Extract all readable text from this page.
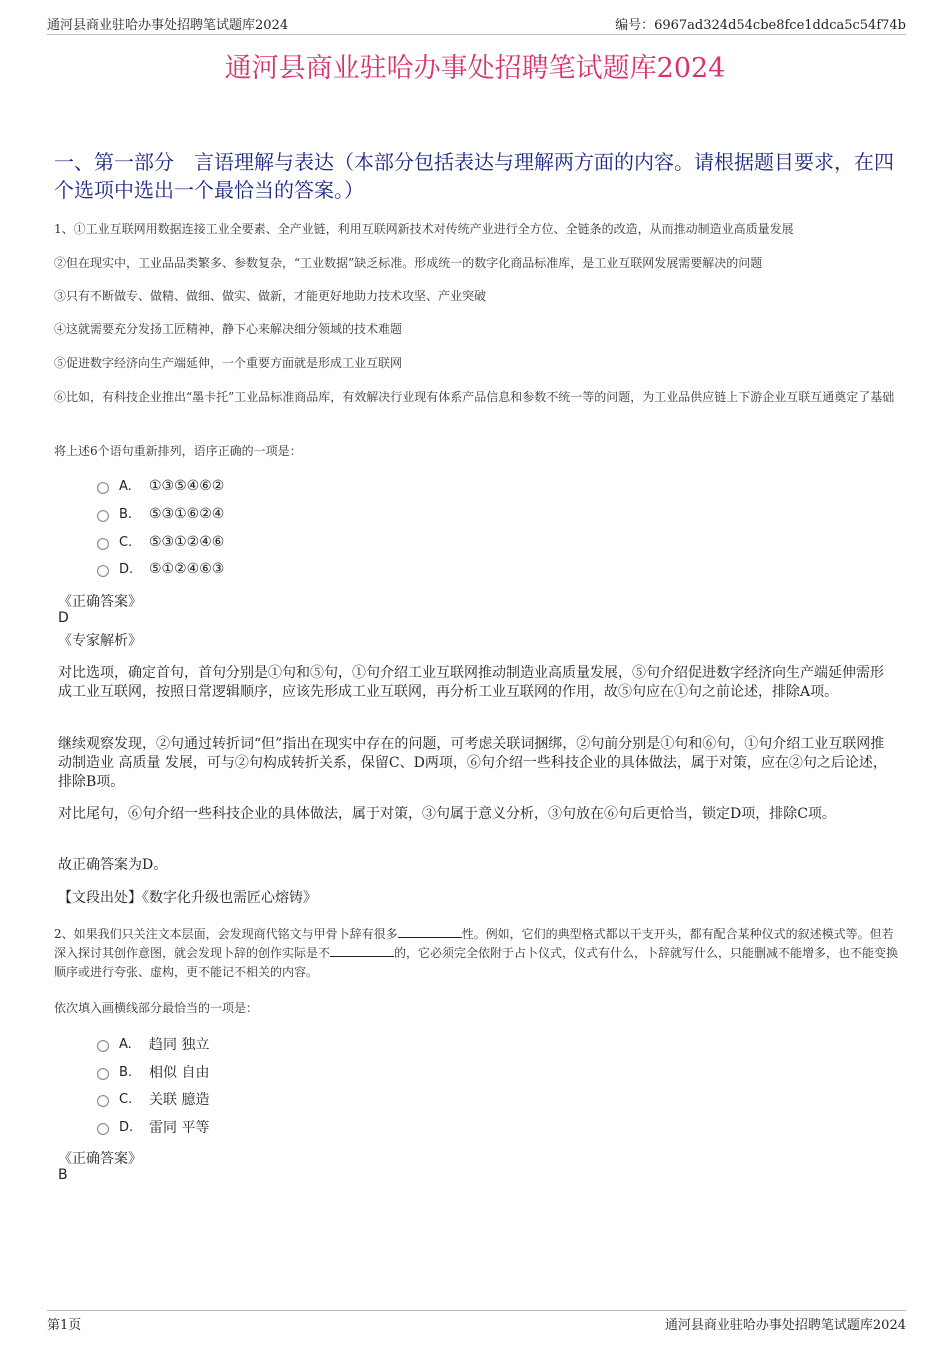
通河县商业驻哈办事处招聘笔试题库2024	编号：6967ad324d54cbe8fce1ddca5c54f74b
通河县商业驻哈办事处招聘笔试题库2024
一、第一部分　言语理解与表达（本部分包括表达与理解两方面的内容。请根据题目要求，在四个选项中选出一个最恰当的答案。）
1、①工业互联网用数据连接工业全要素、全产业链，利用互联网新技术对传统产业进行全方位、全链条的改造，从而推动制造业高质量发展
②但在现实中，工业品品类繁多、参数复杂，“工业数据”缺乏标准。形成统一的数字化商品标准库，是工业互联网发展需要解决的问题
③只有不断做专、做精、做细、做实、做新，才能更好地助力技术攻坚、产业突破
④这就需要充分发扬工匠精神，静下心来解决细分领域的技术难题
⑤促进数字经济向生产端延伸，一个重要方面就是形成工业互联网
⑥比如，有科技企业推出“墨卡托”工业品标准商品库，有效解决行业现有体系产品信息和参数不统一等的问题，为工业品供应链上下游企业互联互通奠定了基础
将上述6个语句重新排列，语序正确的一项是：
A.	①③⑤④⑥②
B.	⑤③①⑥②④
C.	⑤③①②④⑥
D.	⑤①②④⑥③
《正确答案》
D
《专家解析》
对比选项，确定首句，首句分别是①句和⑤句，①句介绍工业互联网推动制造业高质量发展，⑤句介绍促进数字经济向生产端延伸需形成工业互联网，按照日常逻辑顺序，应该先形成工业互联网，再分析工业互联网的作用，故⑤句应在①句之前论述，排除A项。
继续观察发现，②句通过转折词“但”指出在现实中存在的问题，可考虑关联词捆绑，②句前分别是①句和⑥句，①句介绍工业互联网推动制造业 高质量 发展，可与②句构成转折关系，保留C、D两项，⑥句介绍一些科技企业的具体做法，属于对策，应在②句之后论述，排除B项。
对比尾句，⑥句介绍一些科技企业的具体做法，属于对策，③句属于意义分析，③句放在⑥句后更恰当，锁定D项，排除C项。
故正确答案为D。
【文段出处】《数字化升级也需匠心熔铸》
2、如果我们只关注文本层面，会发现商代铭文与甲骨卜辞有很多	性。例如，它们的典型格式都以干支开头，都有配合某种仪式的叙述模式等。但若深入探讨其创作意图，就会发现卜辞的创作实际是不	的，它必须完全依附于占卜仪式，仪式有什么，卜辞就写什么，只能删减不能增多，也不能变换顺序或进行夸张、虚构，更不能记不相关的内容。
依次填入画横线部分最恰当的一项是：
A.	趋同 独立
B.	相似 自由
C.	关联 臆造
D.	雷同 平等
《正确答案》
B
第1页	通河县商业驻哈办事处招聘笔试题库2024
